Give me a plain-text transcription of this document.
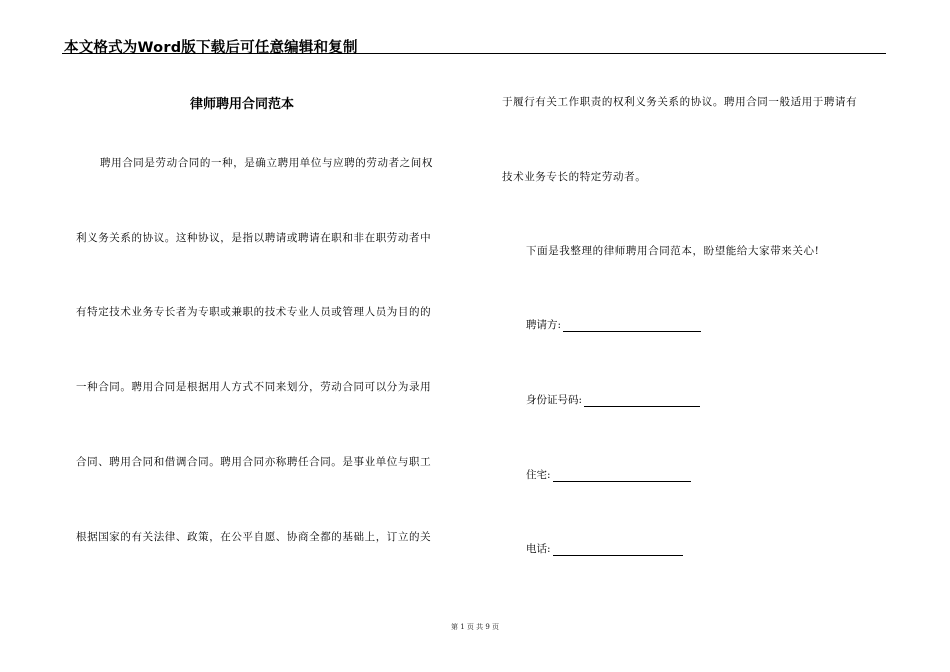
本文格式为Word版下载后可任意编辑和复制
律师聘用合同范本
聘用合同是劳动合同的一种，是确立聘用单位与应聘的劳动者之间权
利义务关系的协议。这种协议，是指以聘请或聘请在职和非在职劳动者中
有特定技术业务专长者为专职或兼职的技术专业人员或管理人员为目的的
一种合同。聘用合同是根据用人方式不同来划分，劳动合同可以分为录用
合同、聘用合同和借调合同。聘用合同亦称聘任合同。是事业单位与职工
根据国家的有关法律、政策，在公平自愿、协商全都的基础上，订立的关
于履行有关工作职责的权利义务关系的协议。聘用合同一般适用于聘请有
技术业务专长的特定劳动者。
下面是我整理的律师聘用合同范本，盼望能给大家带来关心!
聘请方:
身份证号码:
住宅:
电话:
第 1 页 共 9 页
